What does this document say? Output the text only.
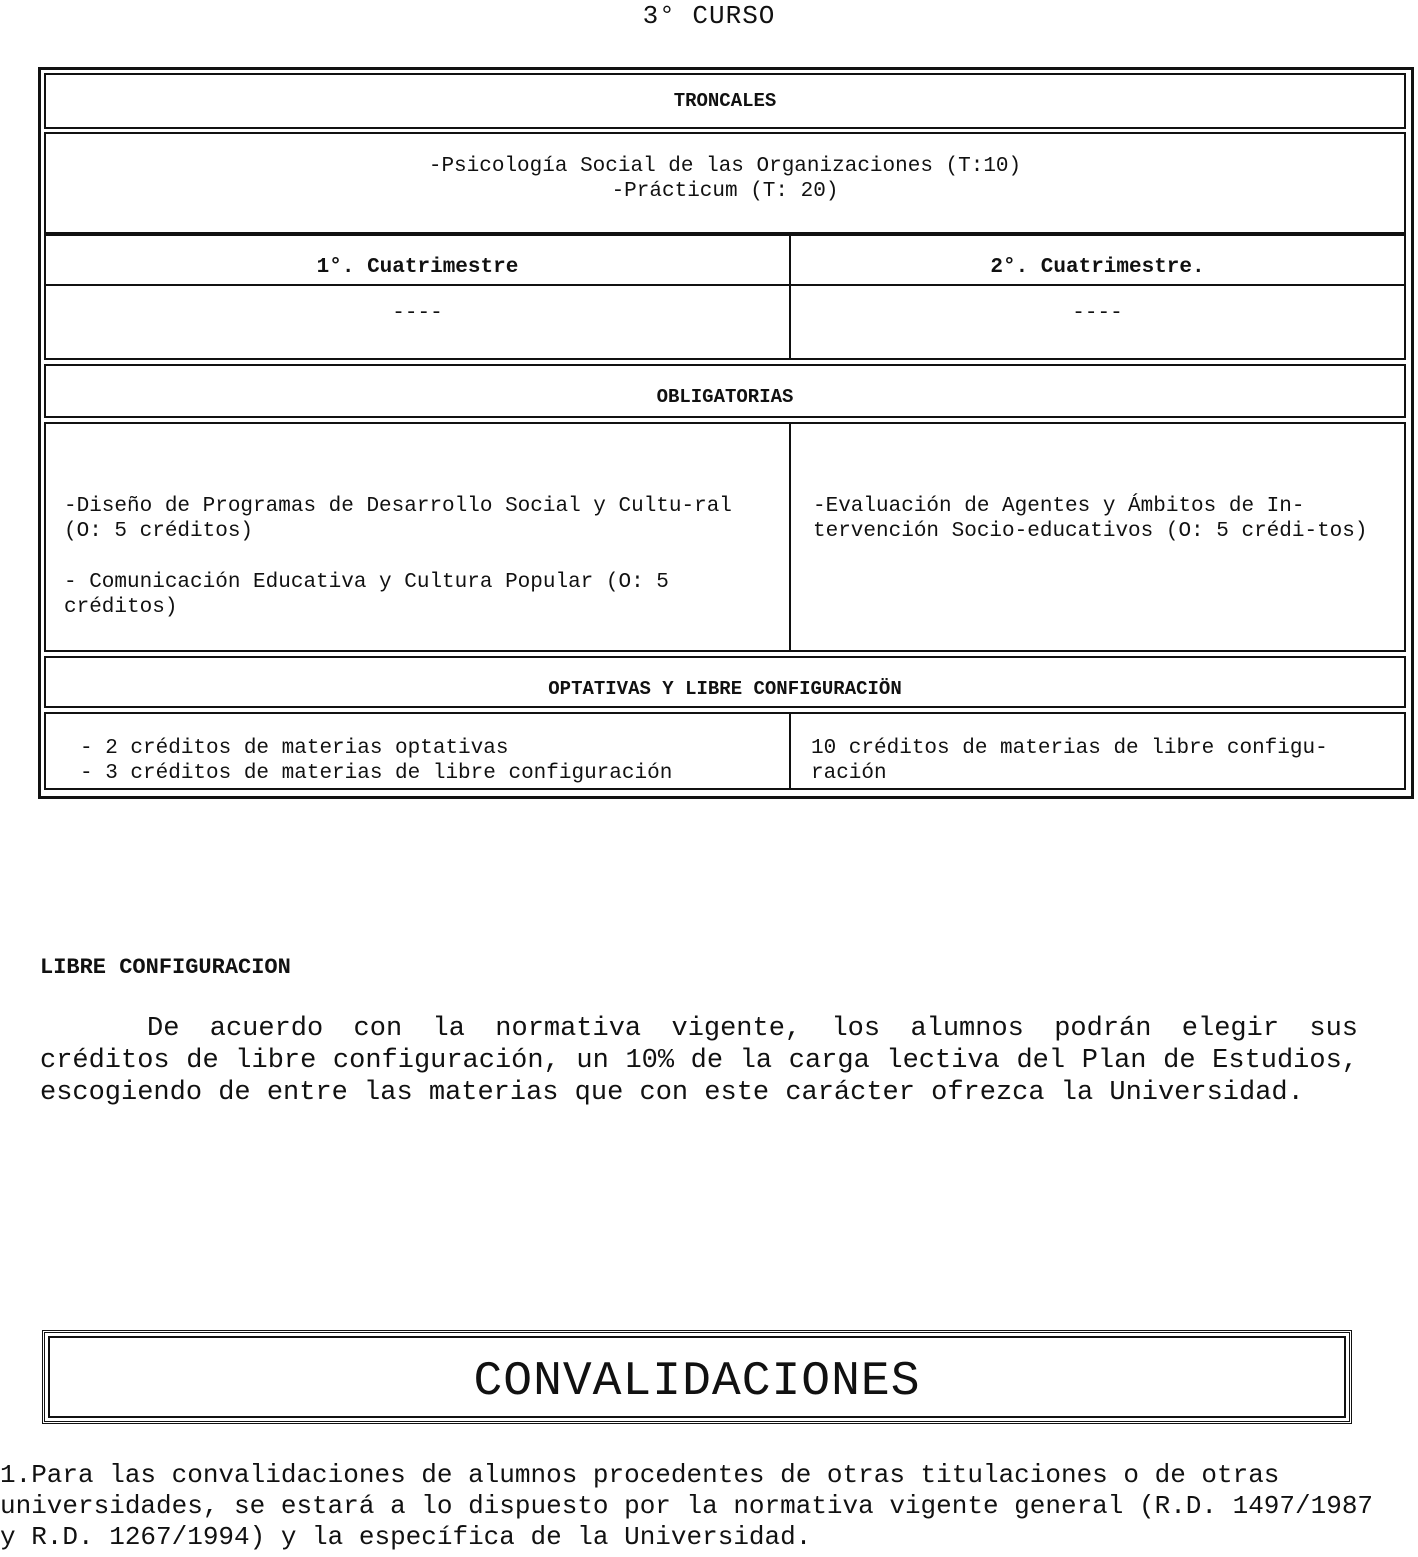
3° CURSO
TRONCALES
-Psicología Social de las Organizaciones (T:10)
-Prácticum (T: 20)
1°. Cuatrimestre
----
2°. Cuatrimestre.
----
OBLIGATORIAS
-Diseño de Programas de Desarrollo Social y Cultu-ral (O: 5 créditos)
- Comunicación Educativa y Cultura Popular (O: 5 créditos)
-Evaluación de Agentes y Ámbitos de In-tervención Socio-educativos (O: 5 crédi-tos)
OPTATIVAS Y LIBRE CONFIGURACIÖN
- 2 créditos de materias optativas
- 3 créditos de materias de libre configuración
10 créditos de materias de libre configu-ración
LIBRE CONFIGURACION
De acuerdo con la normativa vigente, los alumnos podrán elegir sus créditos de libre configuración, un 10% de la carga lectiva del Plan de Estudios, escogiendo de entre las materias que con este carácter ofrezca la Universidad.
CONVALIDACIONES
1.Para las convalidaciones de alumnos procedentes de otras titulaciones o de otras universidades, se estará a lo dispuesto por la normativa vigente general (R.D. 1497/1987 y R.D. 1267/1994) y la específica de la Universidad.
